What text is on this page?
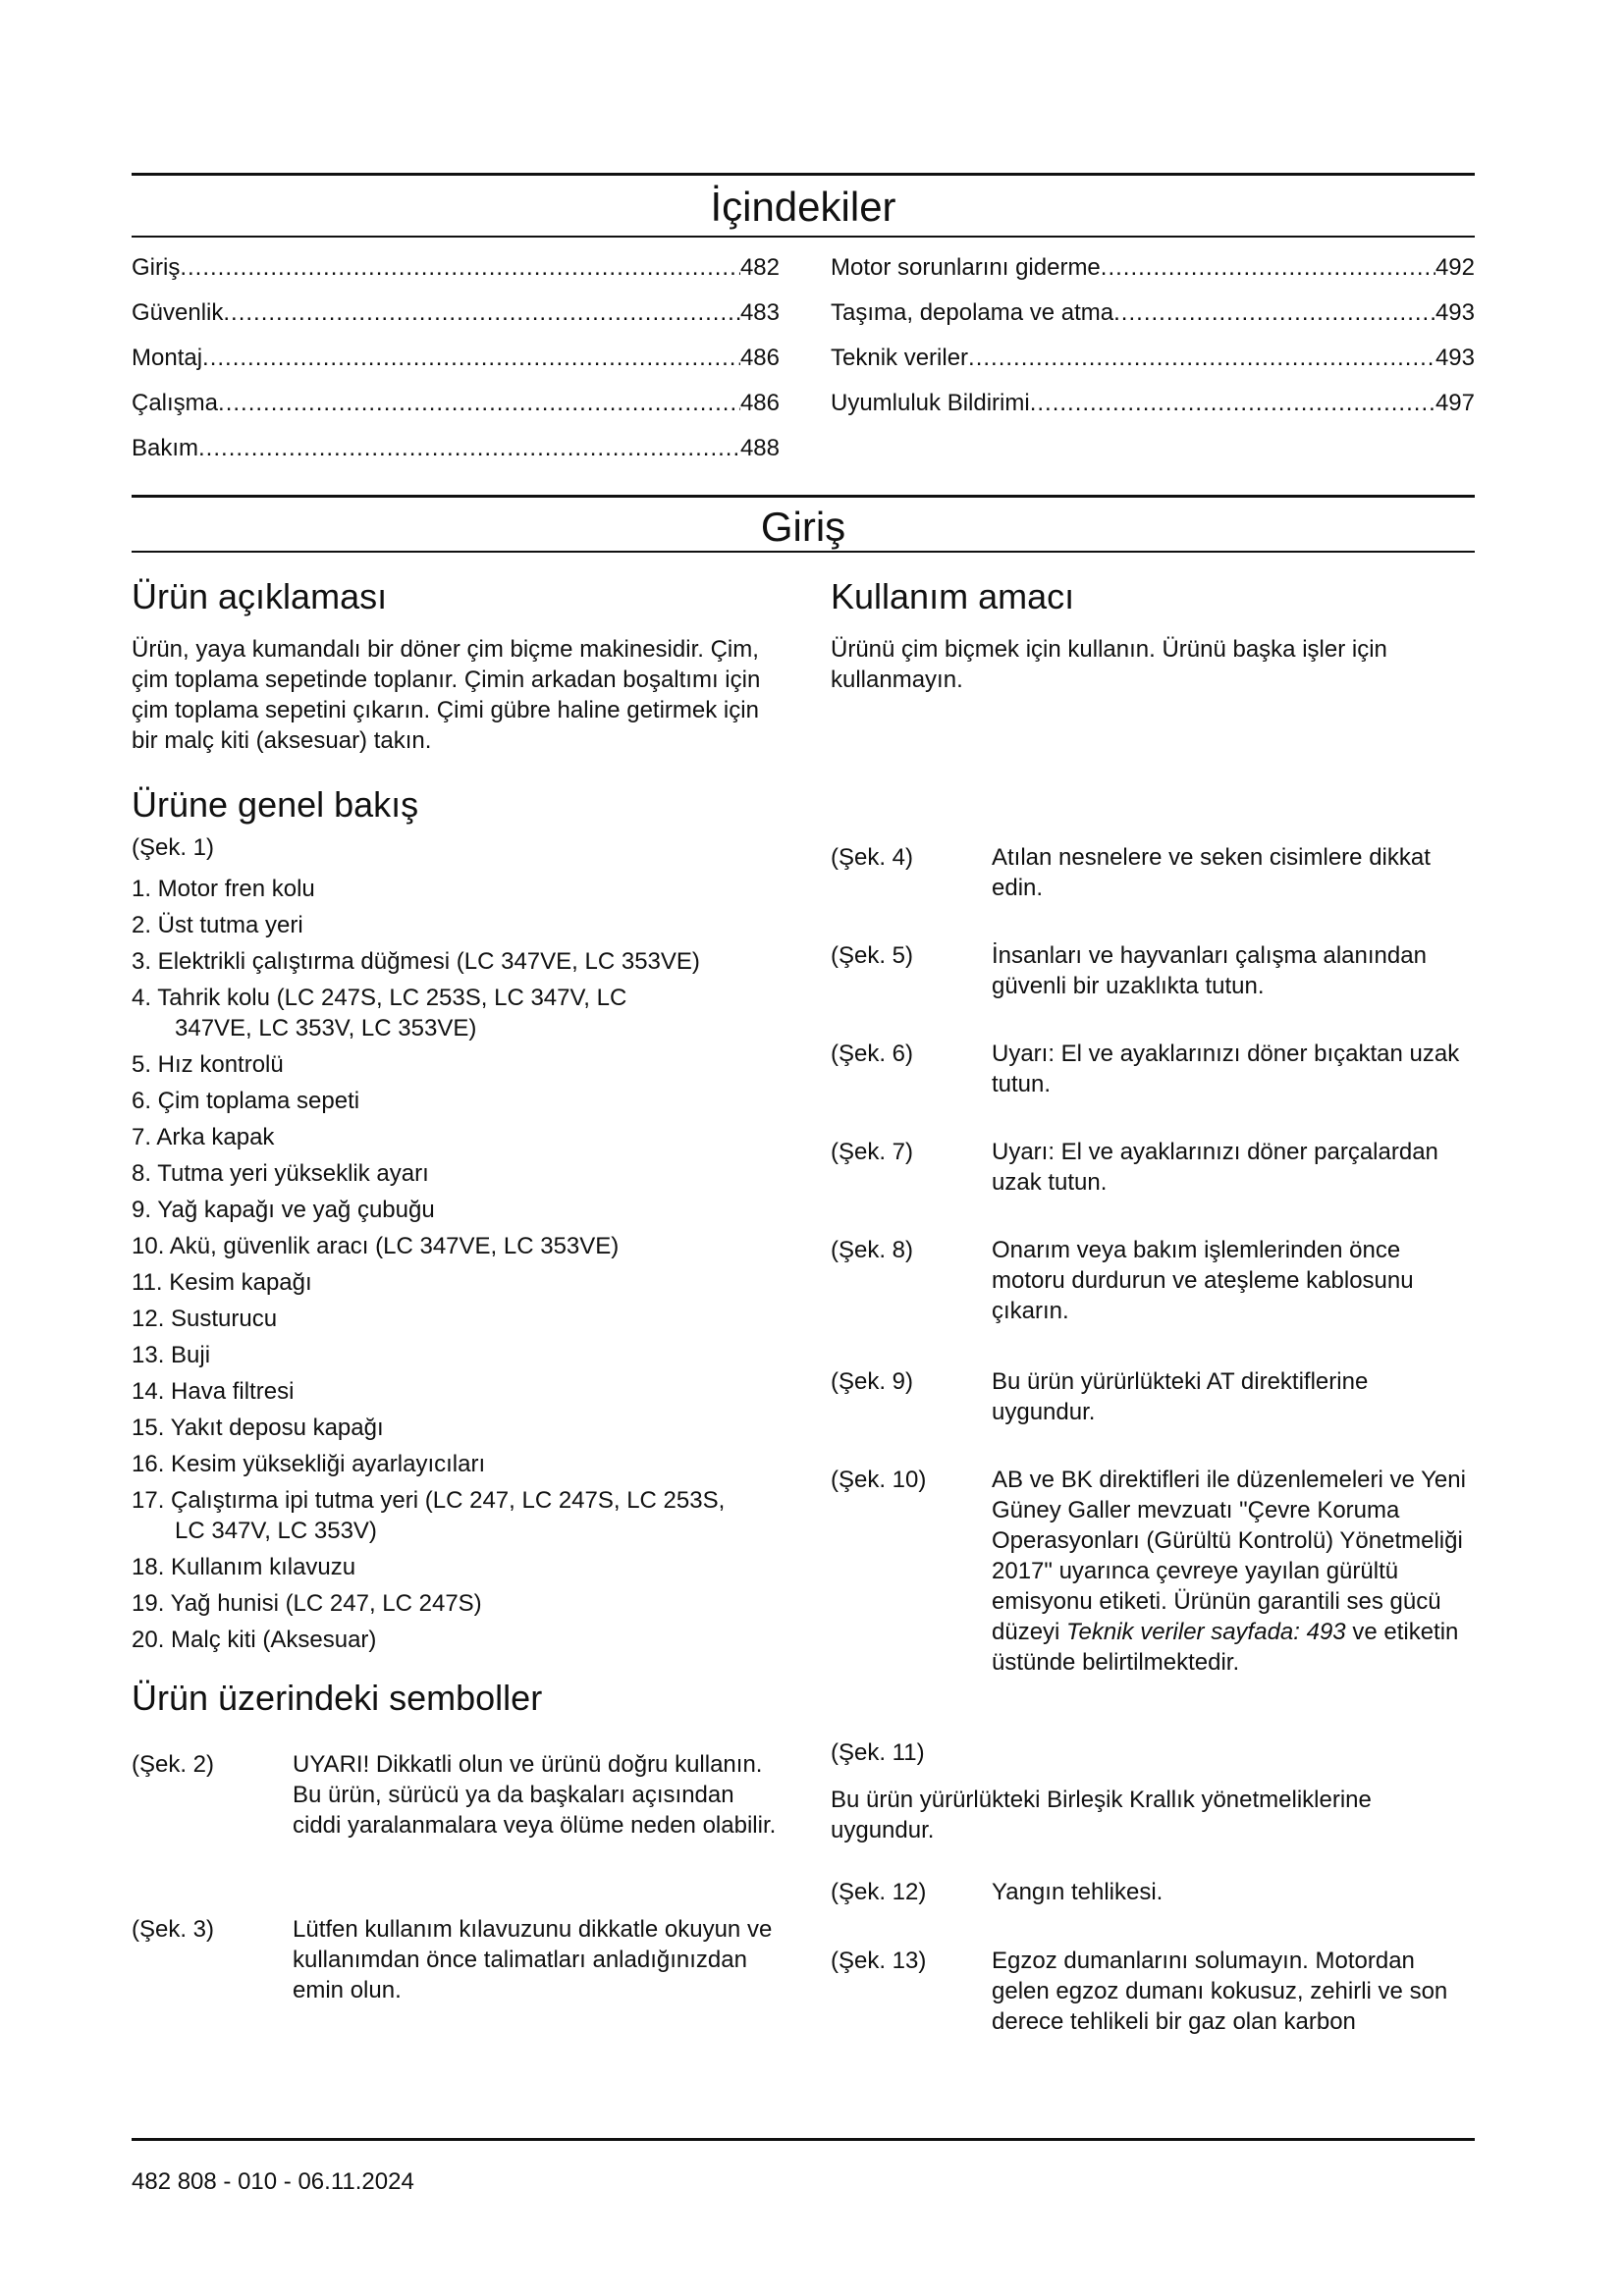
İçindekiler
Giriş .....	482
Güvenlik .....	483
Montaj .....	486
Çalışma .....	486
Bakım .....	488
Motor sorunlarını giderme .....	492
Taşıma, depolama ve atma .....	493
Teknik veriler .....	493
Uyumluluk Bildirimi .....	497
Giriş
Ürün açıklaması
Ürün, yaya kumandalı bir döner çim biçme makinesidir. Çim, çim toplama sepetinde toplanır. Çimin arkadan boşaltımı için çim toplama sepetini çıkarın. Çimi gübre haline getirmek için bir malç kiti (aksesuar) takın.
Kullanım amacı
Ürünü çim biçmek için kullanın. Ürünü başka işler için kullanmayın.
Ürüne genel bakış
(Şek. 1)
1. Motor fren kolu
2. Üst tutma yeri
3. Elektrikli çalıştırma düğmesi (LC 347VE, LC 353VE)
4. Tahrik kolu (LC 247S, LC 253S, LC 347V, LC 347VE, LC 353V, LC 353VE)
5. Hız kontrolü
6. Çim toplama sepeti
7. Arka kapak
8. Tutma yeri yükseklik ayarı
9. Yağ kapağı ve yağ çubuğu
10. Akü, güvenlik aracı (LC 347VE, LC 353VE)
11. Kesim kapağı
12. Susturucu
13. Buji
14. Hava filtresi
15. Yakıt deposu kapağı
16. Kesim yüksekliği ayarlayıcıları
17. Çalıştırma ipi tutma yeri (LC 247, LC 247S, LC 253S, LC 347V, LC 353V)
18. Kullanım kılavuzu
19. Yağ hunisi (LC 247, LC 247S)
20. Malç kiti (Aksesuar)
Ürün üzerindeki semboller
(Şek. 2)	UYARI! Dikkatli olun ve ürünü doğru kullanın. Bu ürün, sürücü ya da başkaları açısından ciddi yaralanmalara veya ölüme neden olabilir.
(Şek. 3)	Lütfen kullanım kılavuzunu dikkatle okuyun ve kullanımdan önce talimatları anladığınızdan emin olun.
(Şek. 4)	Atılan nesnelere ve seken cisimlere dikkat edin.
(Şek. 5)	İnsanları ve hayvanları çalışma alanından güvenli bir uzaklıkta tutun.
(Şek. 6)	Uyarı: El ve ayaklarınızı döner bıçaktan uzak tutun.
(Şek. 7)	Uyarı: El ve ayaklarınızı döner parçalardan uzak tutun.
(Şek. 8)	Onarım veya bakım işlemlerinden önce motoru durdurun ve ateşleme kablosunu çıkarın.
(Şek. 9)	Bu ürün yürürlükteki AT direktiflerine uygundur.
(Şek. 10)	AB ve BK direktifleri ile düzenlemeleri ve Yeni Güney Galler mevzuatı "Çevre Koruma Operasyonları (Gürültü Kontrolü) Yönetmeliği 2017" uyarınca çevreye yayılan gürültü emisyonu etiketi. Ürünün garantili ses gücü düzeyi Teknik veriler sayfada: 493 ve etiketin üstünde belirtilmektedir.
(Şek. 11)
Bu ürün yürürlükteki Birleşik Krallık yönetmeliklerine uygundur.
(Şek. 12)	Yangın tehlikesi.
(Şek. 13)	Egzoz dumanlarını solumayın. Motordan gelen egzoz dumanı kokusuz, zehirli ve son derece tehlikeli bir gaz olan karbon
482 808 - 010 - 06.11.2024
